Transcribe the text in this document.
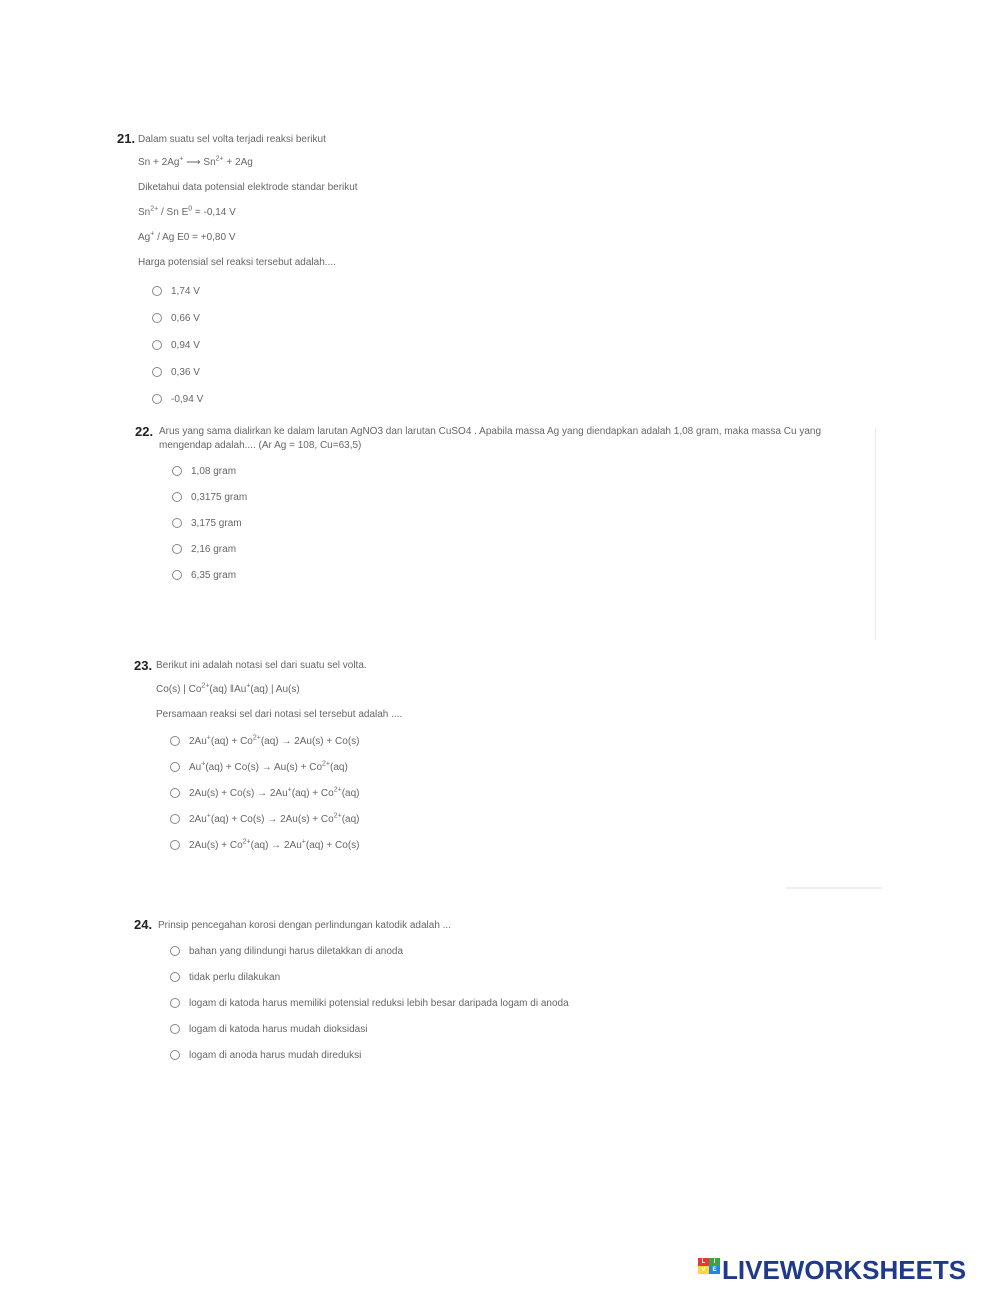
21. Dalam suatu sel volta terjadi reaksi berikut
Sn + 2Ag+ ⟶ $Sn^{2+} + 2Ag$
Diketahui data potensial elektrode standar berikut
$Sn^{2+}$ / Sn $E^0 = -0,14$ V
Ag+ / Ag E0 = +0,80 V
Harga potensial sel reaksi tersebut adalah....
1,74 V
0,66 V
0,94 V
0,36 V
-0,94 V
22. Arus yang sama dialirkan ke dalam larutan AgNO3 dan larutan CuSO4 . Apabila massa Ag yang diendapkan adalah 1,08 gram, maka massa Cu yang
mengendap adalah.... (Ar Ag = 108, Cu=63,5)
1,08 gram
0,3175 gram
3,175 gram
2,16 gram
6,35 gram
23. Berikut ini adalah notasi sel dari suatu sel volta.
Co(s) | $Co^{2+}(aq)$ ‖Au+(aq) | Au(s)
Persamaan reaksi sel dari notasi sel tersebut adalah ....
$2Au^+(aq) + Co^{2+}(aq) \to 2Au(s) + Co(s)$
$Au^+(aq) + Co(s) \to Au(s) + Co^{2+}(aq)$
$2Au(s) + Co(s) \to 2Au^+(aq) + Co^{2+}(aq)$
$2Au^+(aq) + Co(s) \to 2Au(s) + Co^{2+}(aq)$
$2Au(s) + Co^{2+}(aq) \to 2Au^+(aq) + Co(s)$
24. Prinsip pencegahan korosi dengan perlindungan katodik adalah ...
bahan yang dilindungi harus diletakkan di anoda
tidak perlu dilakukan
logam di katoda harus memiliki potensial reduksi lebih besar daripada logam di anoda
logam di katoda harus mudah dioksidasi
logam di anoda harus mudah direduksi
L	I
V	E LIVEWORKSHEETS
